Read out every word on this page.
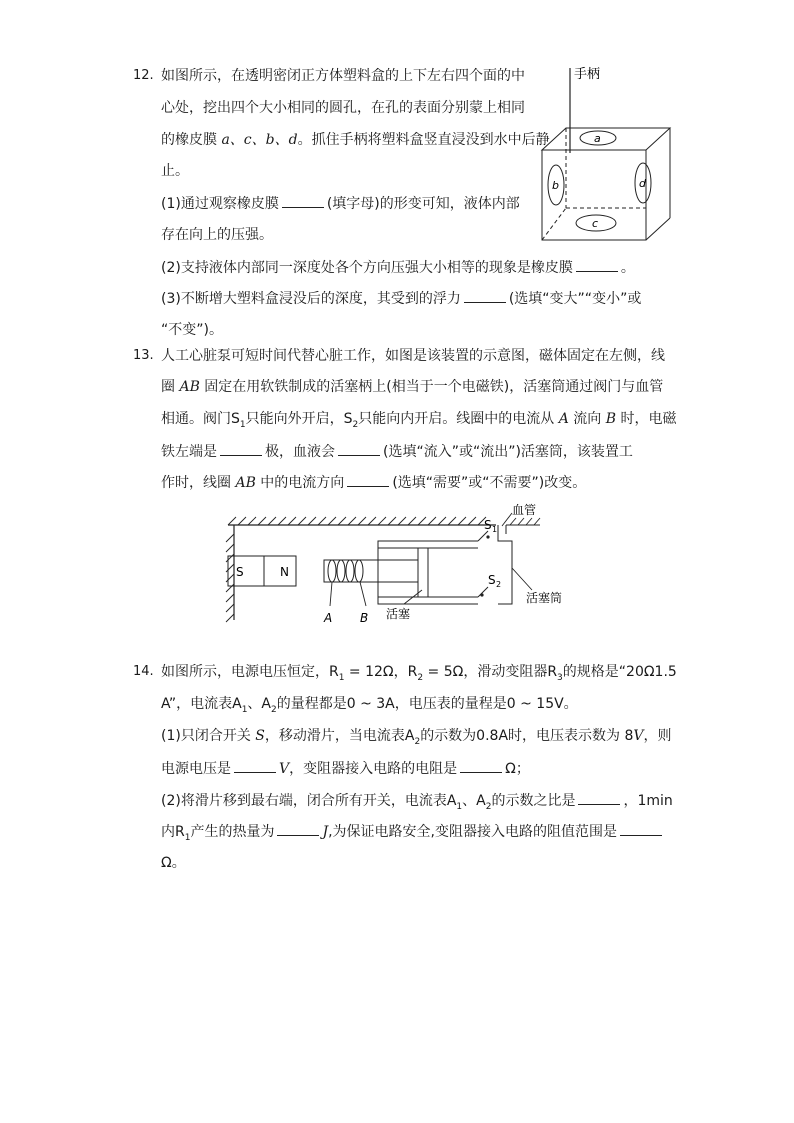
12. 如图所示，在透明密闭正方体塑料盒的上下左右四个面的中
心处，挖出四个大小相同的圆孔，在孔的表面分别蒙上相同
的橡皮膜 a、c、b、d。抓住手柄将塑料盒竖直浸没到水中后静
止。
(1)通过观察橡皮膜	(填字母)的形变可知，液体内部
存在向上的压强。
(2)支持液体内部同一深度处各个方向压强大小相等的现象是橡皮膜	。
(3)不断增大塑料盒浸没后的深度，其受到的浮力	(选填“变大”“变小”或
“不变”)。
手柄
a
b	d
c
13. 人工心脏泵可短时间代替心脏工作，如图是该装置的示意图，磁体固定在左侧，线
圈 AB 固定在用软铁制成的活塞柄上(相当于一个电磁铁)，活塞筒通过阀门与血管
相通。阀门$S_1$只能向外开启，$S_2$只能向内开启。线圈中的电流从 A 流向 B 时，电磁
铁左端是	极，血液会	(选填“流入”或“流出”)活塞筒，该装置工
作时，线圈 AB 中的电流方向	(选填“需要”或“不需要”)改变。
S	N
A B 活塞
S 1
S 2
血管
活塞筒
14. 如图所示，电源电压恒定，$R_1 = 12\Omega$，$R_2 = 5\Omega$，滑动变阻器$R_3$的规格是“20Ω1.5
A”，电流表$A_1$、$A_2$的量程都是0 ~ 3A，电压表的量程是0 ~ 15V。
(1)只闭合开关 S，移动滑片，当电流表$A_2$的示数为0.8A时，电压表示数为 8V，则
电源电压是	V，变阻器接入电路的电阻是	Ω；
(2)将滑片移到最右端，闭合所有开关，电流表$A_1$、$A_2$的示数之比是	，1min
内$R_1$产生的热量为	J,为保证电路安全,变阻器接入电路的阻值范围是
Ω。
